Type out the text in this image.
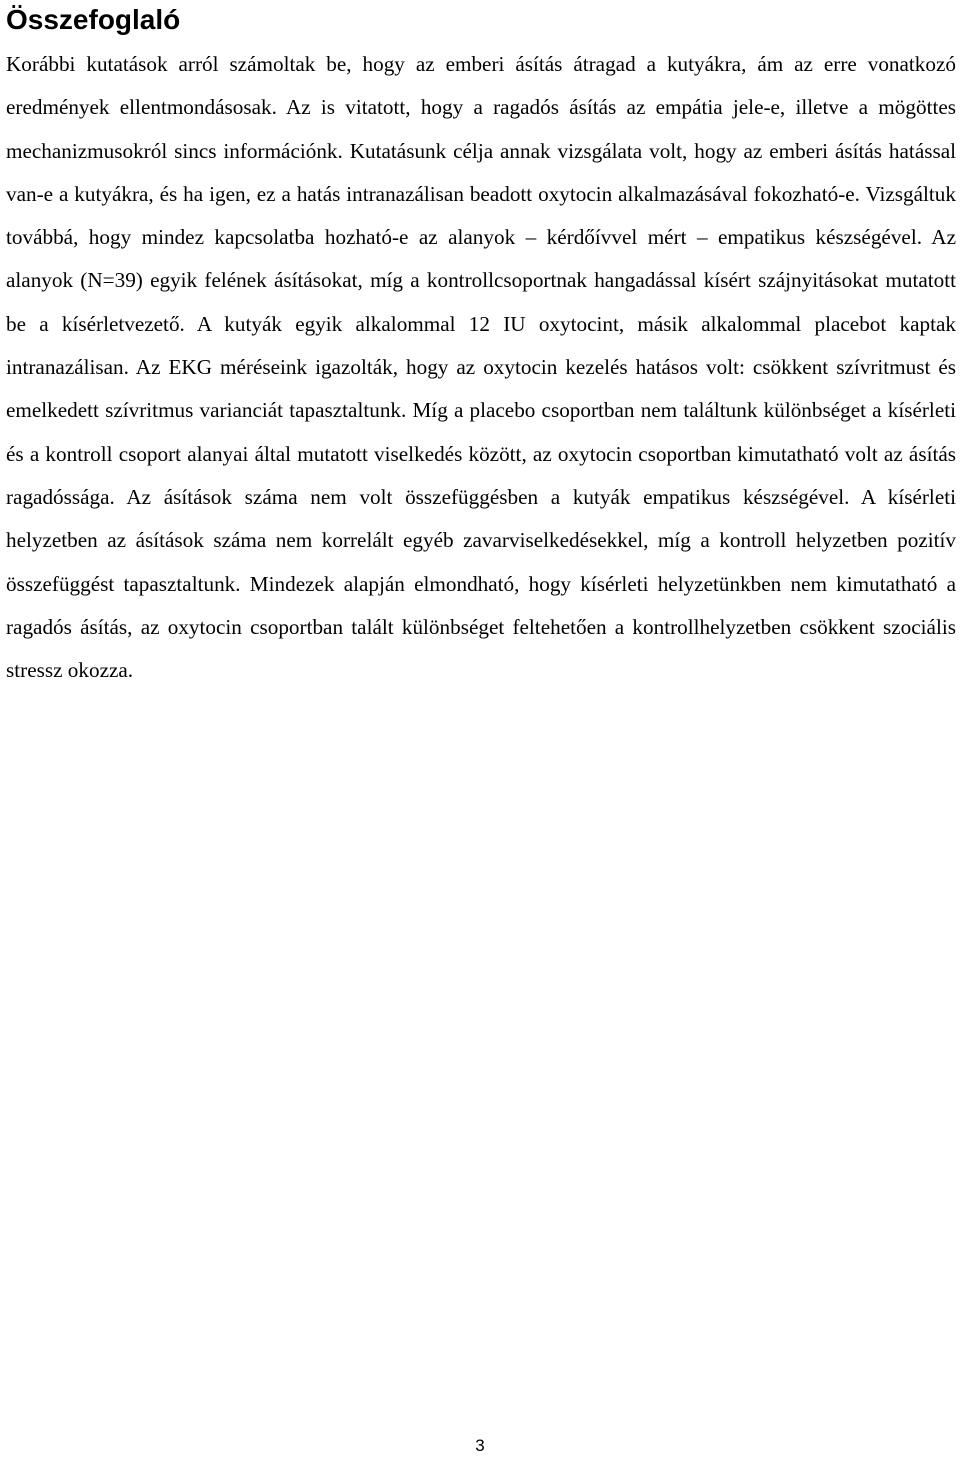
Összefoglaló

Korábbi kutatások arról számoltak be, hogy az emberi ásítás átragad a kutyákra, ám az erre vonatkozó eredmények ellentmondásosak. Az is vitatott, hogy a ragadós ásítás az empátia jele-e, illetve a mögöttes mechanizmusokról sincs információnk. Kutatásunk célja annak vizsgálata volt, hogy az emberi ásítás hatással van-e a kutyákra, és ha igen, ez a hatás intranazálisan beadott oxytocin alkalmazásával fokozható-e. Vizsgáltuk továbbá, hogy mindez kapcsolatba hozható-e az alanyok – kérdőívvel mért – empatikus készségével. Az alanyok (N=39) egyik felének ásításokat, míg a kontrollcsoportnak hangadással kísért szájnyitásokat mutatott be a kísérletvezető. A kutyák egyik alkalommal 12 IU oxytocint, másik alkalommal placebot kaptak intranazálisan. Az EKG méréseink igazolták, hogy az oxytocin kezelés hatásos volt: csökkent szívritmust és emelkedett szívritmus varianciát tapasztaltunk. Míg a placebo csoportban nem találtunk különbséget a kísérleti és a kontroll csoport alanyai által mutatott viselkedés között, az oxytocin csoportban kimutatható volt az ásítás ragadóssága. Az ásítások száma nem volt összefüggésben a kutyák empatikus készségével. A kísérleti helyzetben az ásítások száma nem korrelált egyéb zavarviselkedésekkel, míg a kontroll helyzetben pozitív összefüggést tapasztaltunk. Mindezek alapján elmondható, hogy kísérleti helyzetünkben nem kimutatható a ragadós ásítás, az oxytocin csoportban talált különbséget feltehetően a kontrollhelyzetben csökkent szociális stressz okozza.

3
